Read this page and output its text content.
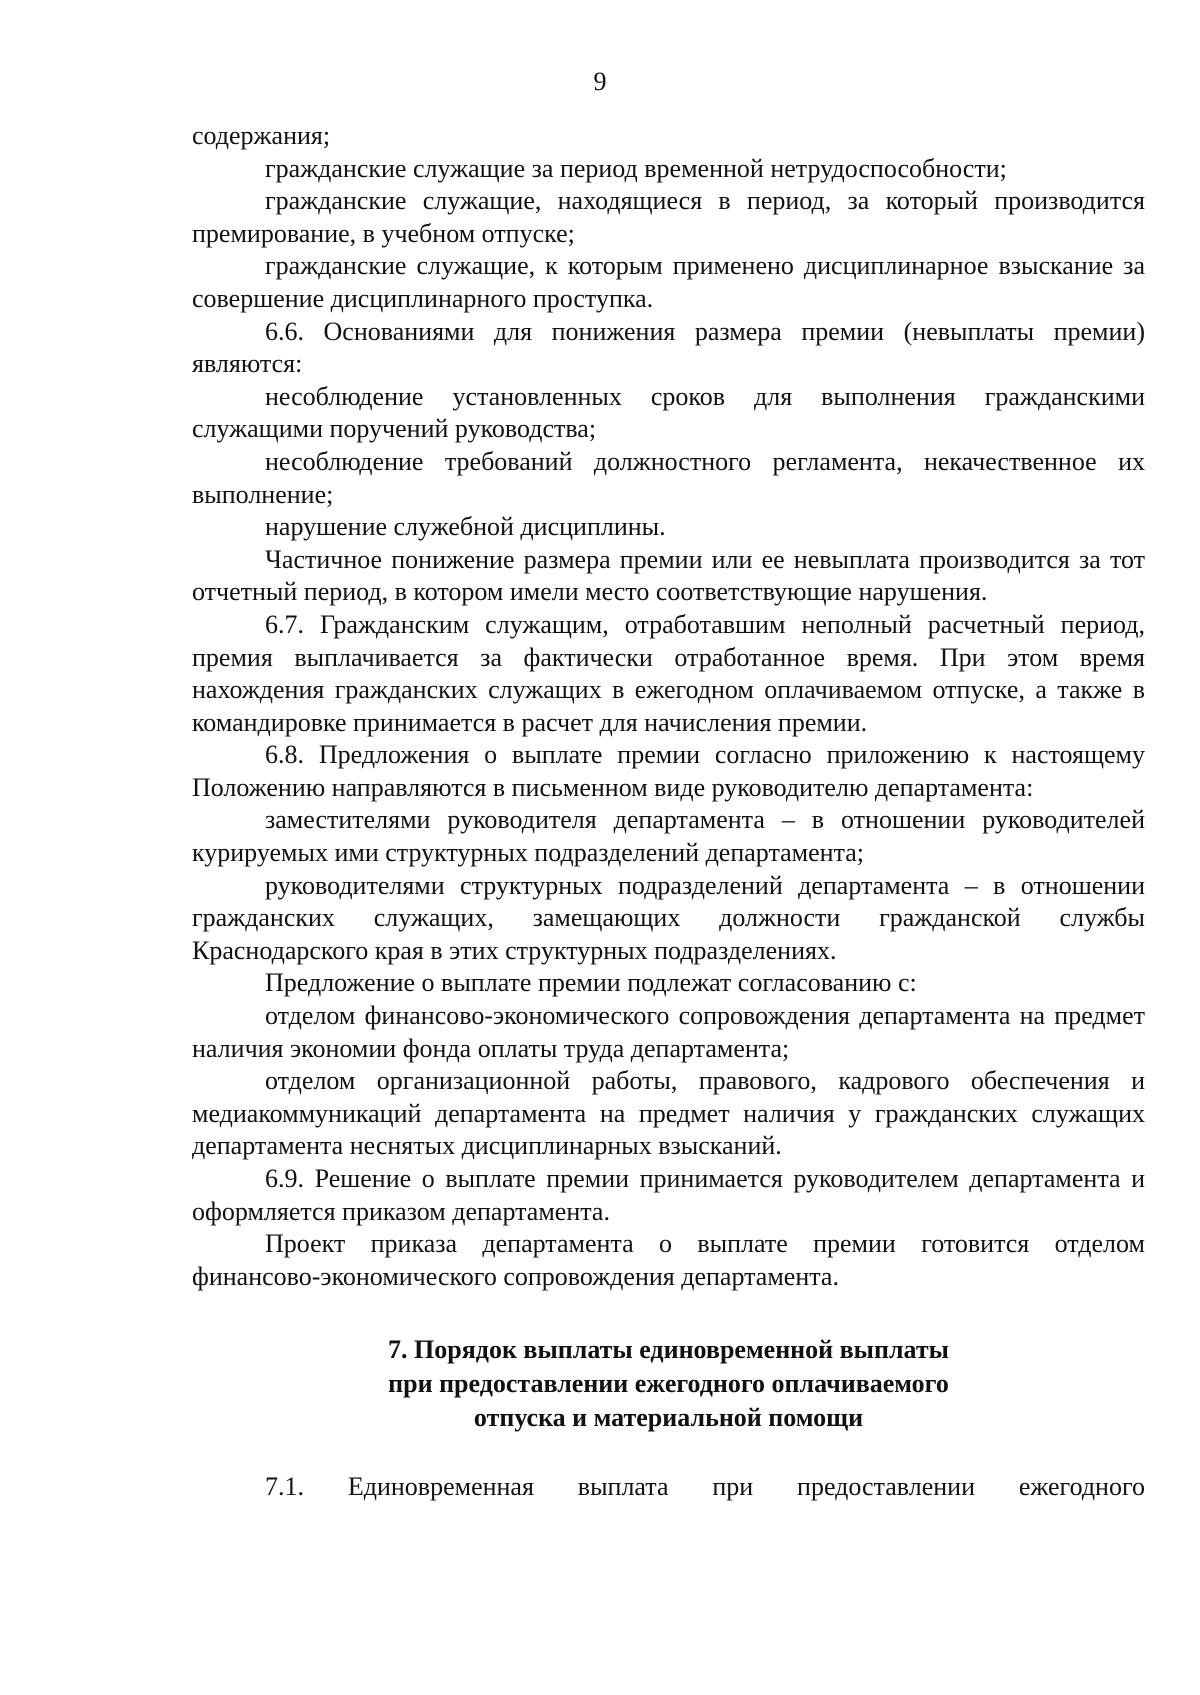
9

содержания;

гражданские служащие за период временной нетрудоспособности;

гражданские служащие, находящиеся в период, за который производится премирование, в учебном отпуске;

гражданские служащие, к которым применено дисциплинарное взыскание за совершение дисциплинарного проступка.

6.6. Основаниями для понижения размера премии (невыплаты премии) являются:

несоблюдение установленных сроков для выполнения гражданскими служащими поручений руководства;

несоблюдение требований должностного регламента, некачественное их выполнение;

нарушение служебной дисциплины.

Частичное понижение размера премии или ее невыплата производится за тот отчетный период, в котором имели место соответствующие нарушения.

6.7. Гражданским служащим, отработавшим неполный расчетный период, премия выплачивается за фактически отработанное время. При этом время нахождения гражданских служащих в ежегодном оплачиваемом отпуске, а также в командировке принимается в расчет для начисления премии.

6.8. Предложения о выплате премии согласно приложению к настоящему Положению направляются в письменном виде руководителю департамента:

заместителями руководителя департамента – в отношении руководителей курируемых ими структурных подразделений департамента;

руководителями структурных подразделений департамента – в отношении гражданских служащих, замещающих должности гражданской службы Краснодарского края в этих структурных подразделениях.

Предложение о выплате премии подлежат согласованию с:

отделом финансово-экономического сопровождения департамента на предмет наличия экономии фонда оплаты труда департамента;

отделом организационной работы, правового, кадрового обеспечения и медиакоммуникаций департамента на предмет наличия у гражданских служащих департамента неснятых дисциплинарных взысканий.

6.9. Решение о выплате премии принимается руководителем департамента и оформляется приказом департамента.

Проект приказа департамента о выплате премии готовится отделом финансово-экономического сопровождения департамента.

7. Порядок выплаты единовременной выплаты
при предоставлении ежегодного оплачиваемого
отпуска и материальной помощи

7.1. Единовременная выплата при предоставлении ежегодного
